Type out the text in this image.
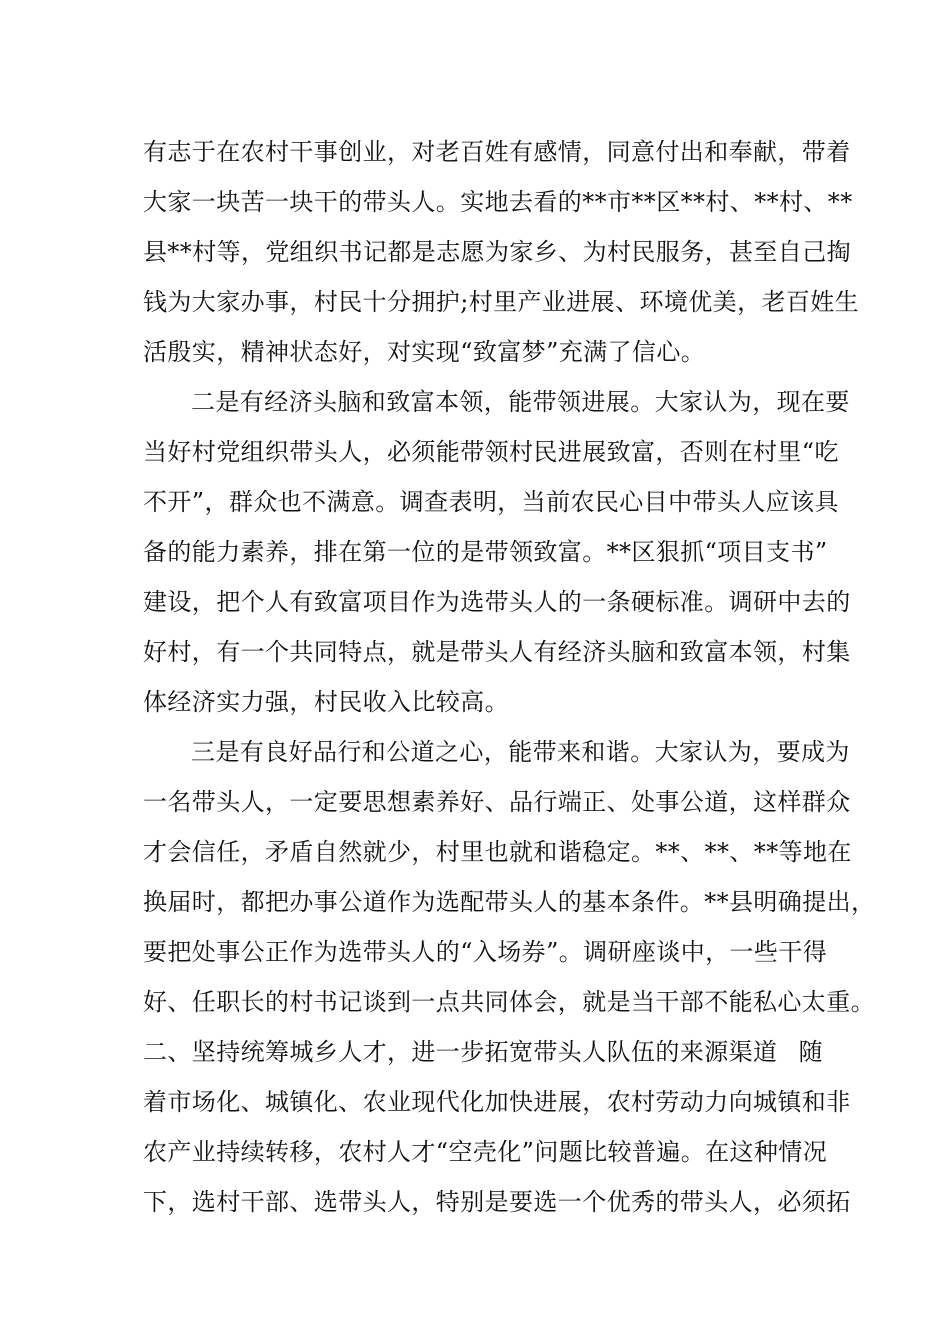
有志于在农村干事创业，对老百姓有感情，同意付出和奉献，带着
大家一块苦一块干的带头人。实地去看的**市**区**村、**村、**
县**村等，党组织书记都是志愿为家乡、为村民服务，甚至自己掏
钱为大家办事，村民十分拥护;村里产业进展、环境优美，老百姓生
活殷实，精神状态好，对实现“致富梦”充满了信心。
二是有经济头脑和致富本领，能带领进展。大家认为，现在要
当好村党组织带头人，必须能带领村民进展致富，否则在村里“吃
不开”，群众也不满意。调查表明，当前农民心目中带头人应该具
备的能力素养，排在第一位的是带领致富。**区狠抓“项目支书”
建设，把个人有致富项目作为选带头人的一条硬标准。调研中去的
好村，有一个共同特点，就是带头人有经济头脑和致富本领，村集
体经济实力强，村民收入比较高。
三是有良好品行和公道之心，能带来和谐。大家认为，要成为
一名带头人，一定要思想素养好、品行端正、处事公道，这样群众
才会信任，矛盾自然就少，村里也就和谐稳定。**、**、**等地在
换届时，都把办事公道作为选配带头人的基本条件。**县明确提出，
要把处事公正作为选带头人的“入场券”。调研座谈中，一些干得
好、任职长的村书记谈到一点共同体会，就是当干部不能私心太重。
二、坚持统筹城乡人才，进一步拓宽带头人队伍的来源渠道 随
着市场化、城镇化、农业现代化加快进展，农村劳动力向城镇和非
农产业持续转移，农村人才“空壳化”问题比较普遍。在这种情况
下，选村干部、选带头人，特别是要选一个优秀的带头人，必须拓
